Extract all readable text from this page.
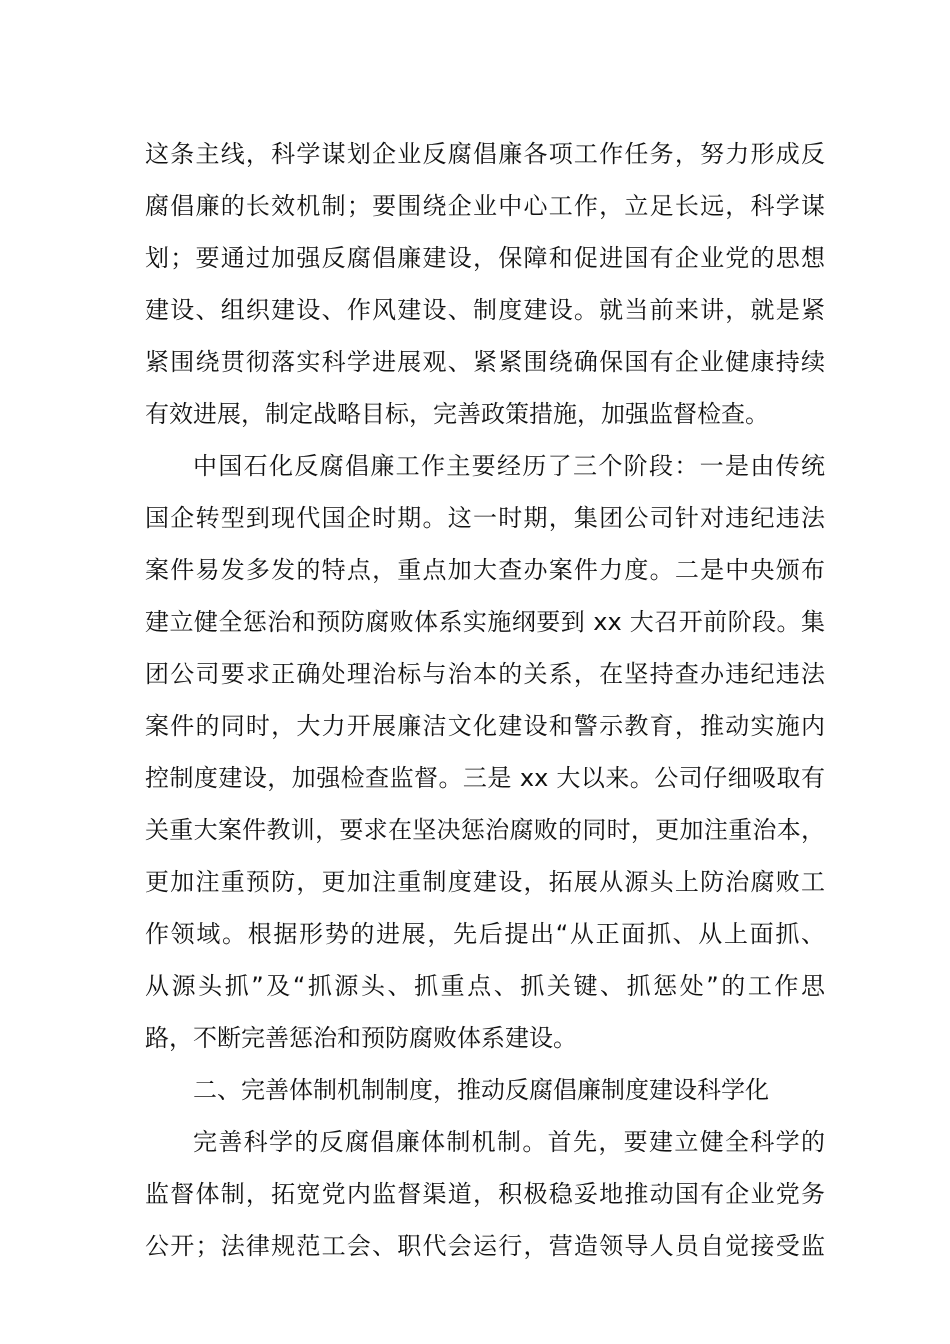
这条主线，科学谋划企业反腐倡廉各项工作任务，努力形成反
腐倡廉的长效机制；要围绕企业中心工作，立足长远，科学谋
划；要通过加强反腐倡廉建设，保障和促进国有企业党的思想
建设、组织建设、作风建设、制度建设。就当前来讲，就是紧
紧围绕贯彻落实科学进展观、紧紧围绕确保国有企业健康持续
有效进展，制定战略目标，完善政策措施，加强监督检查。
中国石化反腐倡廉工作主要经历了三个阶段：一是由传统
国企转型到现代国企时期。这一时期，集团公司针对违纪违法
案件易发多发的特点，重点加大查办案件力度。二是中央颁布
建立健全惩治和预防腐败体系实施纲要到 xx 大召开前阶段。集
团公司要求正确处理治标与治本的关系，在坚持查办违纪违法
案件的同时，大力开展廉洁文化建设和警示教育，推动实施内
控制度建设，加强检查监督。三是 xx 大以来。公司仔细吸取有
关重大案件教训，要求在坚决惩治腐败的同时，更加注重治本，
更加注重预防，更加注重制度建设，拓展从源头上防治腐败工
作领域。根据形势的进展，先后提出“从正面抓、从上面抓、
从源头抓”及“抓源头、抓重点、抓关键、抓惩处”的工作思
路，不断完善惩治和预防腐败体系建设。
二、完善体制机制制度，推动反腐倡廉制度建设科学化
完善科学的反腐倡廉体制机制。首先，要建立健全科学的
监督体制，拓宽党内监督渠道，积极稳妥地推动国有企业党务
公开；法律规范工会、职代会运行，营造领导人员自觉接受监
